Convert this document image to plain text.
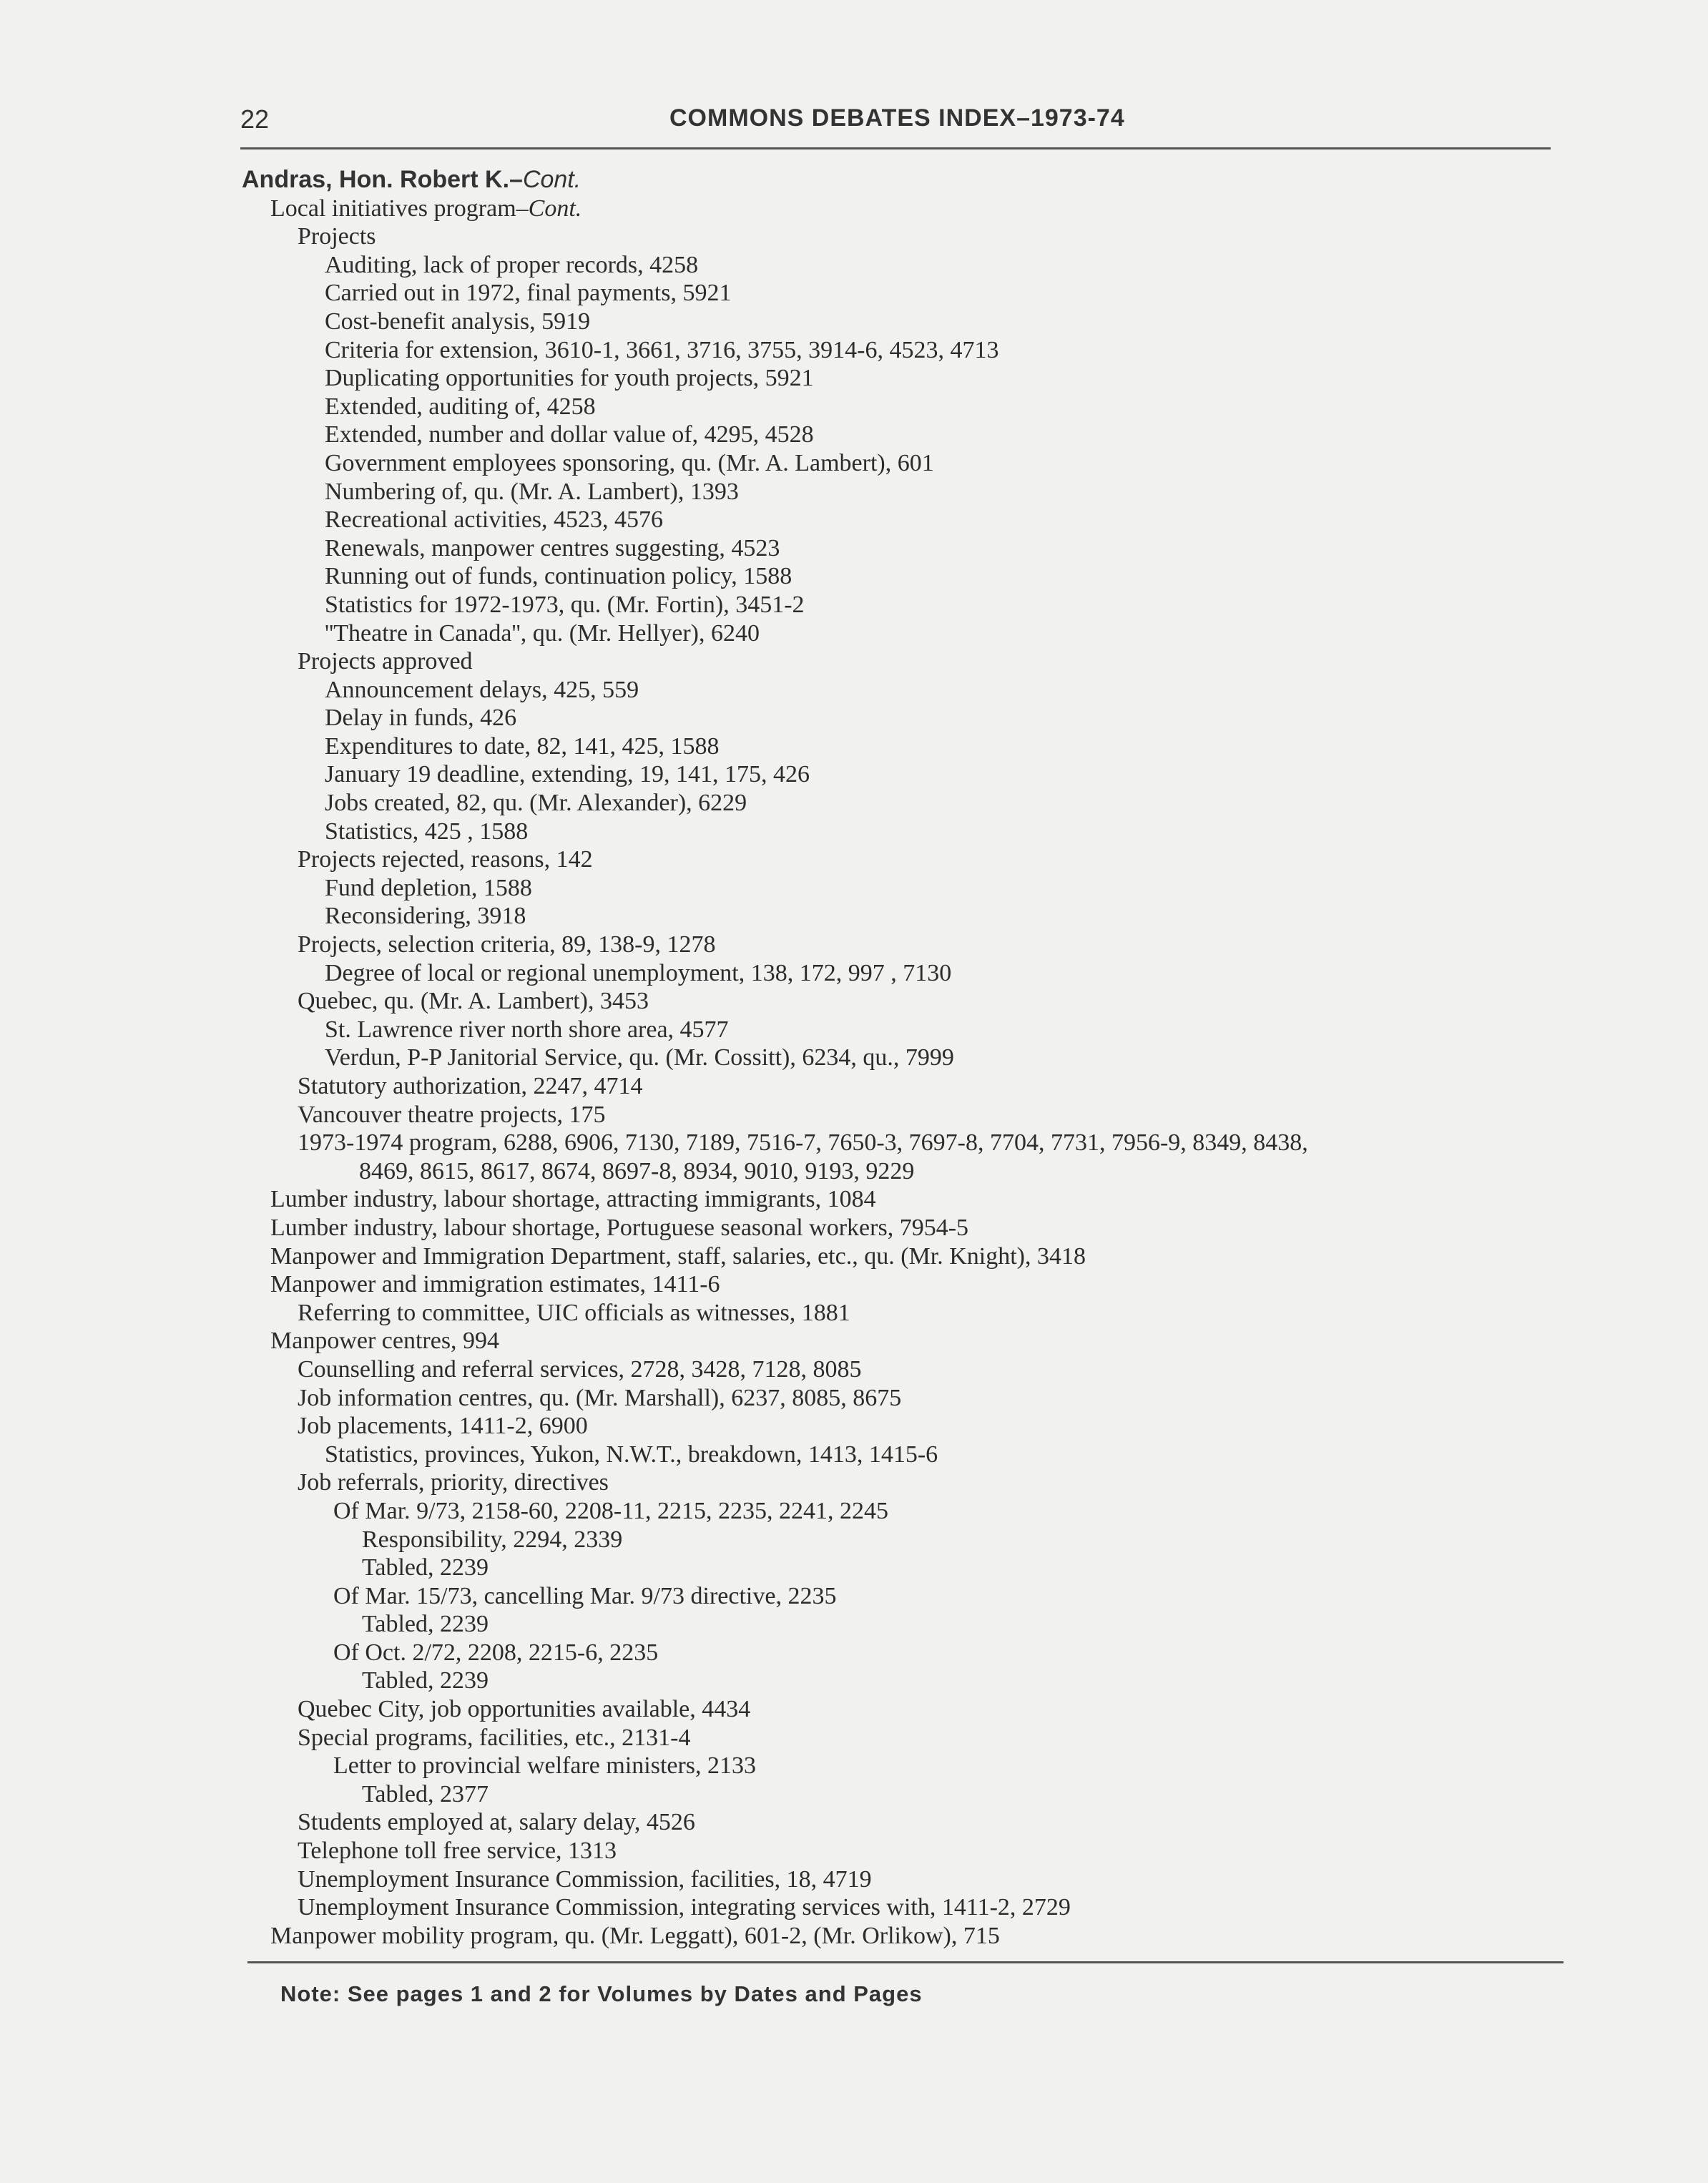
22	COMMONS DEBATES INDEX–1973-74
Andras, Hon. Robert K.–Cont.
Local initiatives program–Cont.
Projects
Auditing, lack of proper records, 4258
Carried out in 1972, final payments, 5921
Cost-benefit analysis, 5919
Criteria for extension, 3610-1, 3661, 3716, 3755, 3914-6, 4523, 4713
Duplicating opportunities for youth projects, 5921
Extended, auditing of, 4258
Extended, number and dollar value of, 4295, 4528
Government employees sponsoring, qu. (Mr. A. Lambert), 601
Numbering of, qu. (Mr. A. Lambert), 1393
Recreational activities, 4523, 4576
Renewals, manpower centres suggesting, 4523
Running out of funds, continuation policy, 1588
Statistics for 1972-1973, qu. (Mr. Fortin), 3451-2
''Theatre in Canada'', qu. (Mr. Hellyer), 6240
Projects approved
Announcement delays, 425, 559
Delay in funds, 426
Expenditures to date, 82, 141, 425, 1588
January 19 deadline, extending, 19, 141, 175, 426
Jobs created, 82, qu. (Mr. Alexander), 6229
Statistics, 425 , 1588
Projects rejected, reasons, 142
Fund depletion, 1588
Reconsidering, 3918
Projects, selection criteria, 89, 138-9, 1278
Degree of local or regional unemployment, 138, 172, 997 , 7130
Quebec, qu. (Mr. A. Lambert), 3453
St. Lawrence river north shore area, 4577
Verdun, P-P Janitorial Service, qu. (Mr. Cossitt), 6234, qu., 7999
Statutory authorization, 2247, 4714
Vancouver theatre projects, 175
1973-1974 program, 6288, 6906, 7130, 7189, 7516-7, 7650-3, 7697-8, 7704, 7731, 7956-9, 8349, 8438,
8469, 8615, 8617, 8674, 8697-8, 8934, 9010, 9193, 9229
Lumber industry, labour shortage, attracting immigrants, 1084
Lumber industry, labour shortage, Portuguese seasonal workers, 7954-5
Manpower and Immigration Department, staff, salaries, etc., qu. (Mr. Knight), 3418
Manpower and immigration estimates, 1411-6
Referring to committee, UIC officials as witnesses, 1881
Manpower centres, 994
Counselling and referral services, 2728, 3428, 7128, 8085
Job information centres, qu. (Mr. Marshall), 6237, 8085, 8675
Job placements, 1411-2, 6900
Statistics, provinces, Yukon, N.W.T., breakdown, 1413, 1415-6
Job referrals, priority, directives
Of Mar. 9/73, 2158-60, 2208-11, 2215, 2235, 2241, 2245
Responsibility, 2294, 2339
Tabled, 2239
Of Mar. 15/73, cancelling Mar. 9/73 directive, 2235
Tabled, 2239
Of Oct. 2/72, 2208, 2215-6, 2235
Tabled, 2239
Quebec City, job opportunities available, 4434
Special programs, facilities, etc., 2131-4
Letter to provincial welfare ministers, 2133
Tabled, 2377
Students employed at, salary delay, 4526
Telephone toll free service, 1313
Unemployment Insurance Commission, facilities, 18, 4719
Unemployment Insurance Commission, integrating services with, 1411-2, 2729
Manpower mobility program, qu. (Mr. Leggatt), 601-2, (Mr. Orlikow), 715
Note: See pages 1 and 2 for Volumes by Dates and Pages
